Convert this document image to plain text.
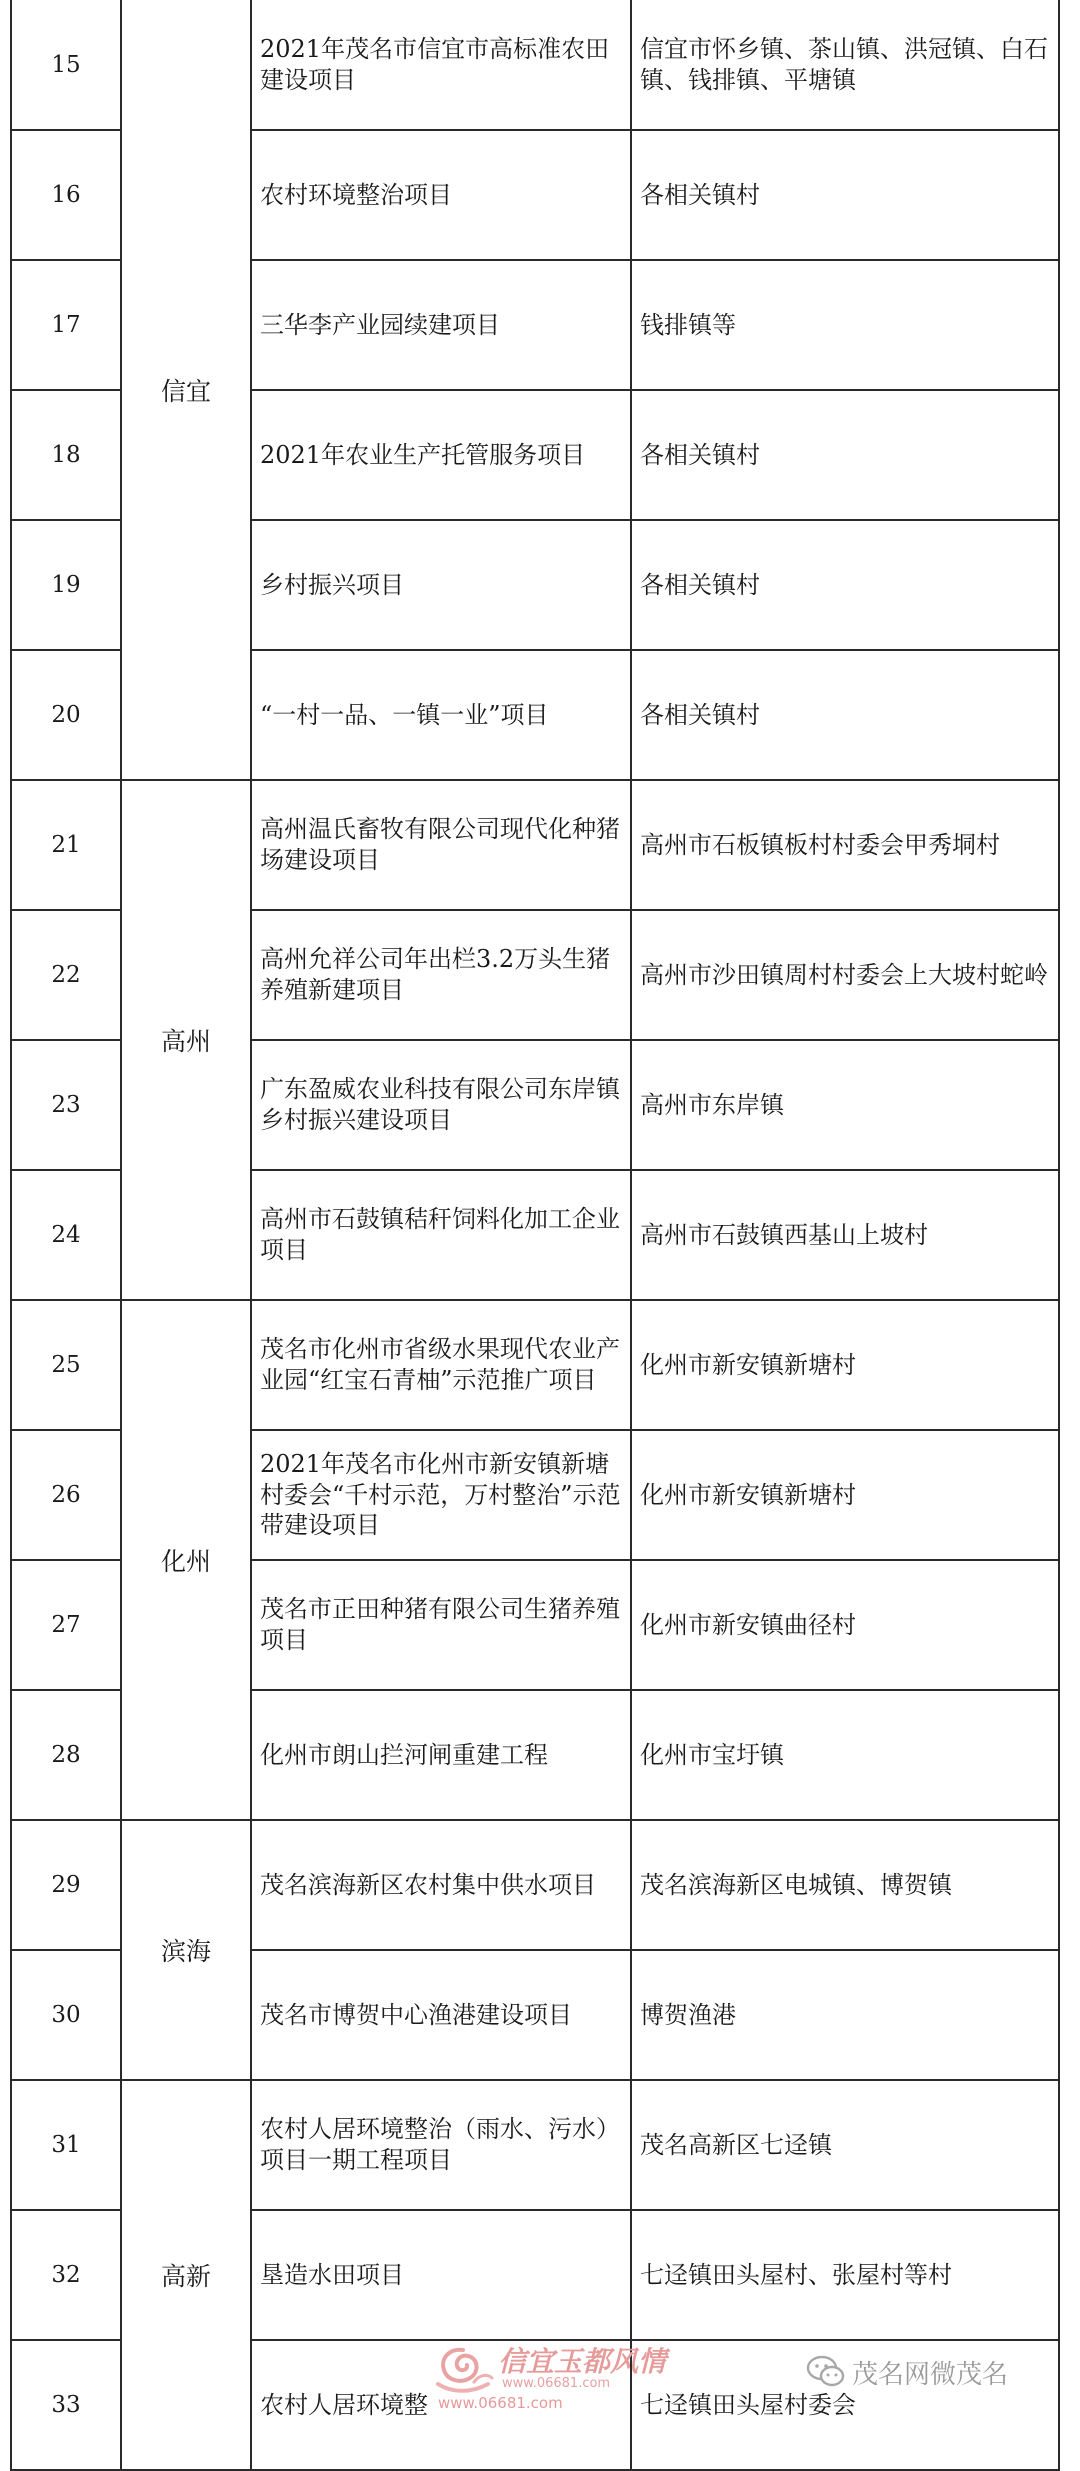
15	信宜	2021年茂名市信宜市高标准农田建设项目	信宜市怀乡镇、茶山镇、洪冠镇、白石镇、钱排镇、平塘镇
16		农村环境整治项目	各相关镇村
17		三华李产业园续建项目	钱排镇等
18		2021年农业生产托管服务项目	各相关镇村
19		乡村振兴项目	各相关镇村
20		“一村一品、一镇一业”项目	各相关镇村
21	高州	高州温氏畜牧有限公司现代化种猪场建设项目	高州市石板镇板村村委会甲秀垌村
22		高州允祥公司年出栏3.2万头生猪养殖新建项目	高州市沙田镇周村村委会上大坡村蛇岭
23		广东盈威农业科技有限公司东岸镇乡村振兴建设项目	高州市东岸镇
24		高州市石鼓镇秸秆饲料化加工企业项目	高州市石鼓镇西基山上坡村
25	化州	茂名市化州市省级水果现代农业产业园“红宝石青柚”示范推广项目	化州市新安镇新塘村
26		2021年茂名市化州市新安镇新塘村委会“千村示范，万村整治”示范带建设项目	化州市新安镇新塘村
27		茂名市正田种猪有限公司生猪养殖项目	化州市新安镇曲径村
28		化州市朗山拦河闸重建工程	化州市宝圩镇
29	滨海	茂名滨海新区农村集中供水项目	茂名滨海新区电城镇、博贺镇
30		茂名市博贺中心渔港建设项目	博贺渔港
31	高新	农村人居环境整治（雨水、污水）项目一期工程项目	茂名高新区七迳镇
32		垦造水田项目	七迳镇田头屋村、张屋村等村
33		农村人居环境整	七迳镇田头屋村委会
信宜玉都风情
www.06681.com
www.06681.com
茂名网微茂名
